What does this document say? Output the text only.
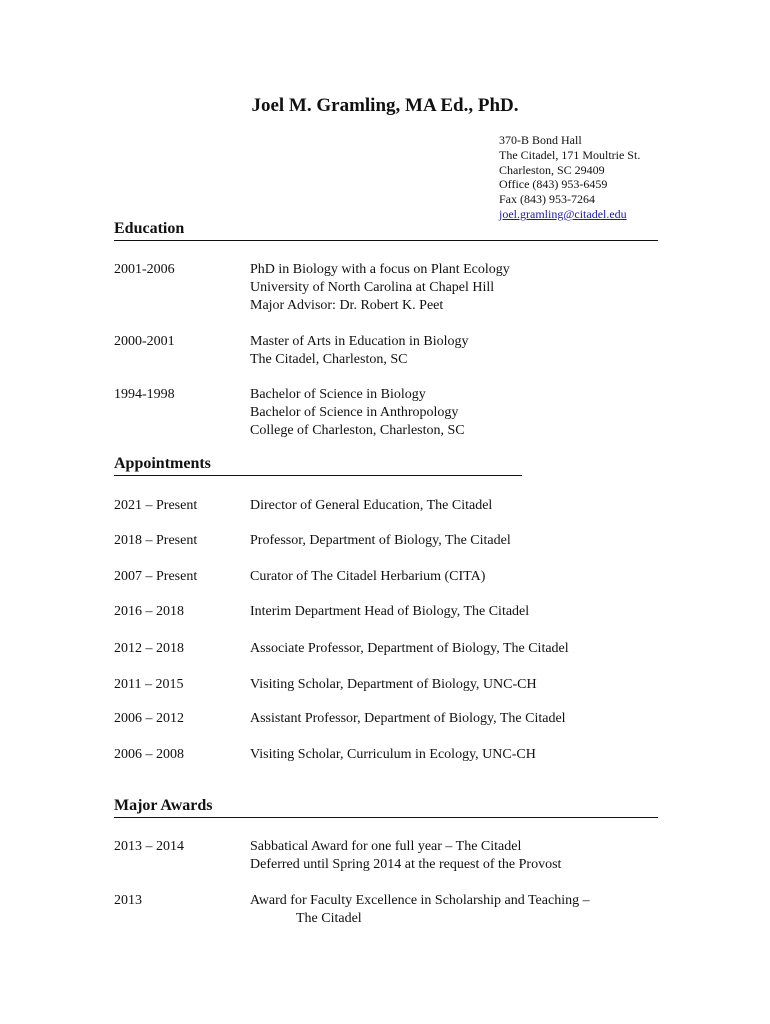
Joel M. Gramling, MA Ed., PhD.
370-B Bond Hall
The Citadel, 171 Moultrie St.
Charleston, SC 29409
Office (843) 953-6459
Fax (843) 953-7264
joel.gramling@citadel.edu
Education
2001-2006	PhD in Biology with a focus on Plant Ecology
University of North Carolina at Chapel Hill
Major Advisor: Dr. Robert K. Peet
2000-2001	Master of Arts in Education in Biology
The Citadel, Charleston, SC
1994-1998	Bachelor of Science in Biology
Bachelor of Science in Anthropology
College of Charleston, Charleston, SC
Appointments
2021 – Present	Director of General Education, The Citadel
2018 – Present	Professor, Department of Biology, The Citadel
2007 – Present	Curator of The Citadel Herbarium (CITA)
2016 – 2018	Interim Department Head of Biology, The Citadel
2012 – 2018	Associate Professor, Department of Biology, The Citadel
2011 – 2015	Visiting Scholar, Department of Biology, UNC-CH
2006 – 2012	Assistant Professor, Department of Biology, The Citadel
2006 – 2008	Visiting Scholar, Curriculum in Ecology, UNC-CH
Major Awards
2013 – 2014	Sabbatical Award for one full year – The Citadel
Deferred until Spring 2014 at the request of the Provost
2013	Award for Faculty Excellence in Scholarship and Teaching –
The Citadel
